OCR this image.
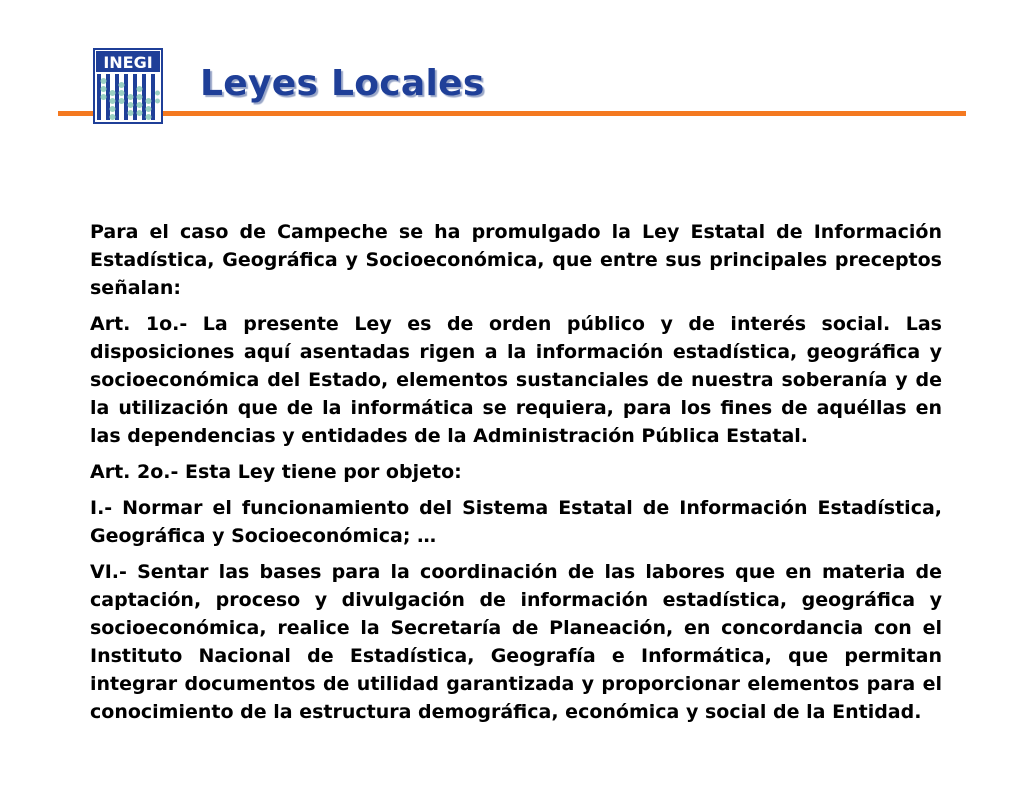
INEGI
Leyes Locales

Para el caso de Campeche se ha promulgado la Ley Estatal de Información Estadística, Geográfica y Socioeconómica, que entre sus principales preceptos señalan:

Art. 1o.- La presente Ley es de orden público y de interés social. Las disposiciones aquí asentadas rigen a la información estadística, geográfica y socioeconómica del Estado, elementos sustanciales de nuestra soberanía y de la utilización que de la informática se requiera, para los fines de aquéllas en las dependencias y entidades de la Administración Pública Estatal.

Art. 2o.- Esta Ley tiene por objeto:

I.- Normar el funcionamiento del Sistema Estatal de Información Estadística, Geográfica y Socioeconómica; …

VI.- Sentar las bases para la coordinación de las labores que en materia de captación, proceso y divulgación de información estadística, geográfica y socioeconómica, realice la Secretaría de Planeación, en concordancia con el Instituto Nacional de Estadística, Geografía e Informática, que permitan integrar documentos de utilidad garantizada y proporcionar elementos para el conocimiento de la estructura demográfica, económica y social de la Entidad.
